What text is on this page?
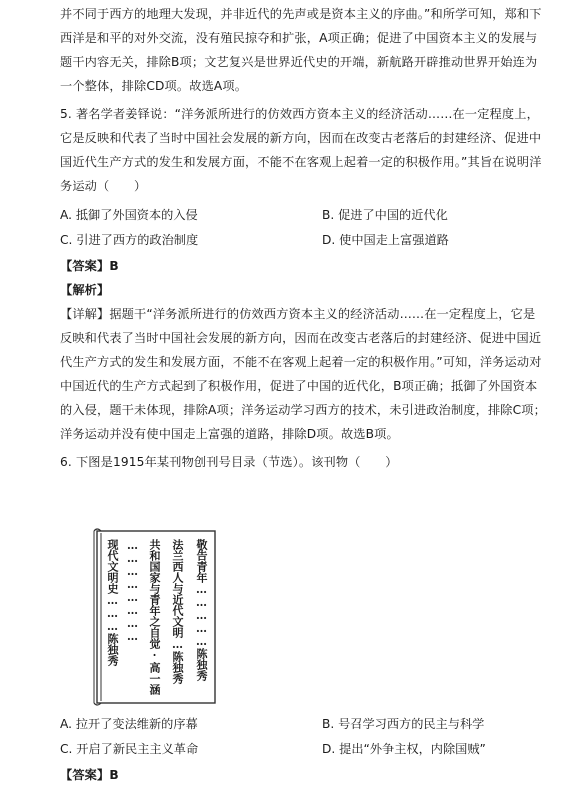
并不同于西方的地理大发现，并非近代的先声或是资本主义的序曲。”和所学可知，郑和下
西洋是和平的对外交流，没有殖民掠夺和扩张，A项正确；促进了中国资本主义的发展与
题干内容无关，排除B项；文艺复兴是世界近代史的开端，新航路开辟推动世界开始连为
一个整体，排除CD项。故选A项。
5. 著名学者姜铎说：“洋务派所进行的仿效西方资本主义的经济活动……在一定程度上，
它是反映和代表了当时中国社会发展的新方向，因而在改变古老落后的封建经济、促进中
国近代生产方式的发生和发展方面，不能不在客观上起着一定的积极作用。”其旨在说明洋
务运动（　　）
A. 抵御了外国资本的入侵	B. 促进了中国的近代化
C. 引进了西方的政治制度	D. 使中国走上富强道路
【答案】B
【解析】
【详解】据题干“洋务派所进行的仿效西方资本主义的经济活动……在一定程度上，它是
反映和代表了当时中国社会发展的新方向，因而在改变古老落后的封建经济、促进中国近
代生产方式的发生和发展方面，不能不在客观上起着一定的积极作用。”可知，洋务运动对
中国近代的生产方式起到了积极作用，促进了中国的近代化，B项正确；抵御了外国资本
的入侵，题干未体现，排除A项；洋务运动学习西方的技术，未引进政治制度，排除C项；
洋务运动并没有使中国走上富强的道路，排除D项。故选B项。
6. 下图是1915年某刊物创刊号目录（节选）。该刊物（　　）
敬告青年……………陈独秀
法兰西人与近代文明…陈独秀
共和国家与青年之自觉·高一涵
……………………
现代文明史………陈独秀
A. 拉开了变法维新的序幕	B. 号召学习西方的民主与科学
C. 开启了新民主主义革命	D. 提出“外争主权，内除国贼”
【答案】B
